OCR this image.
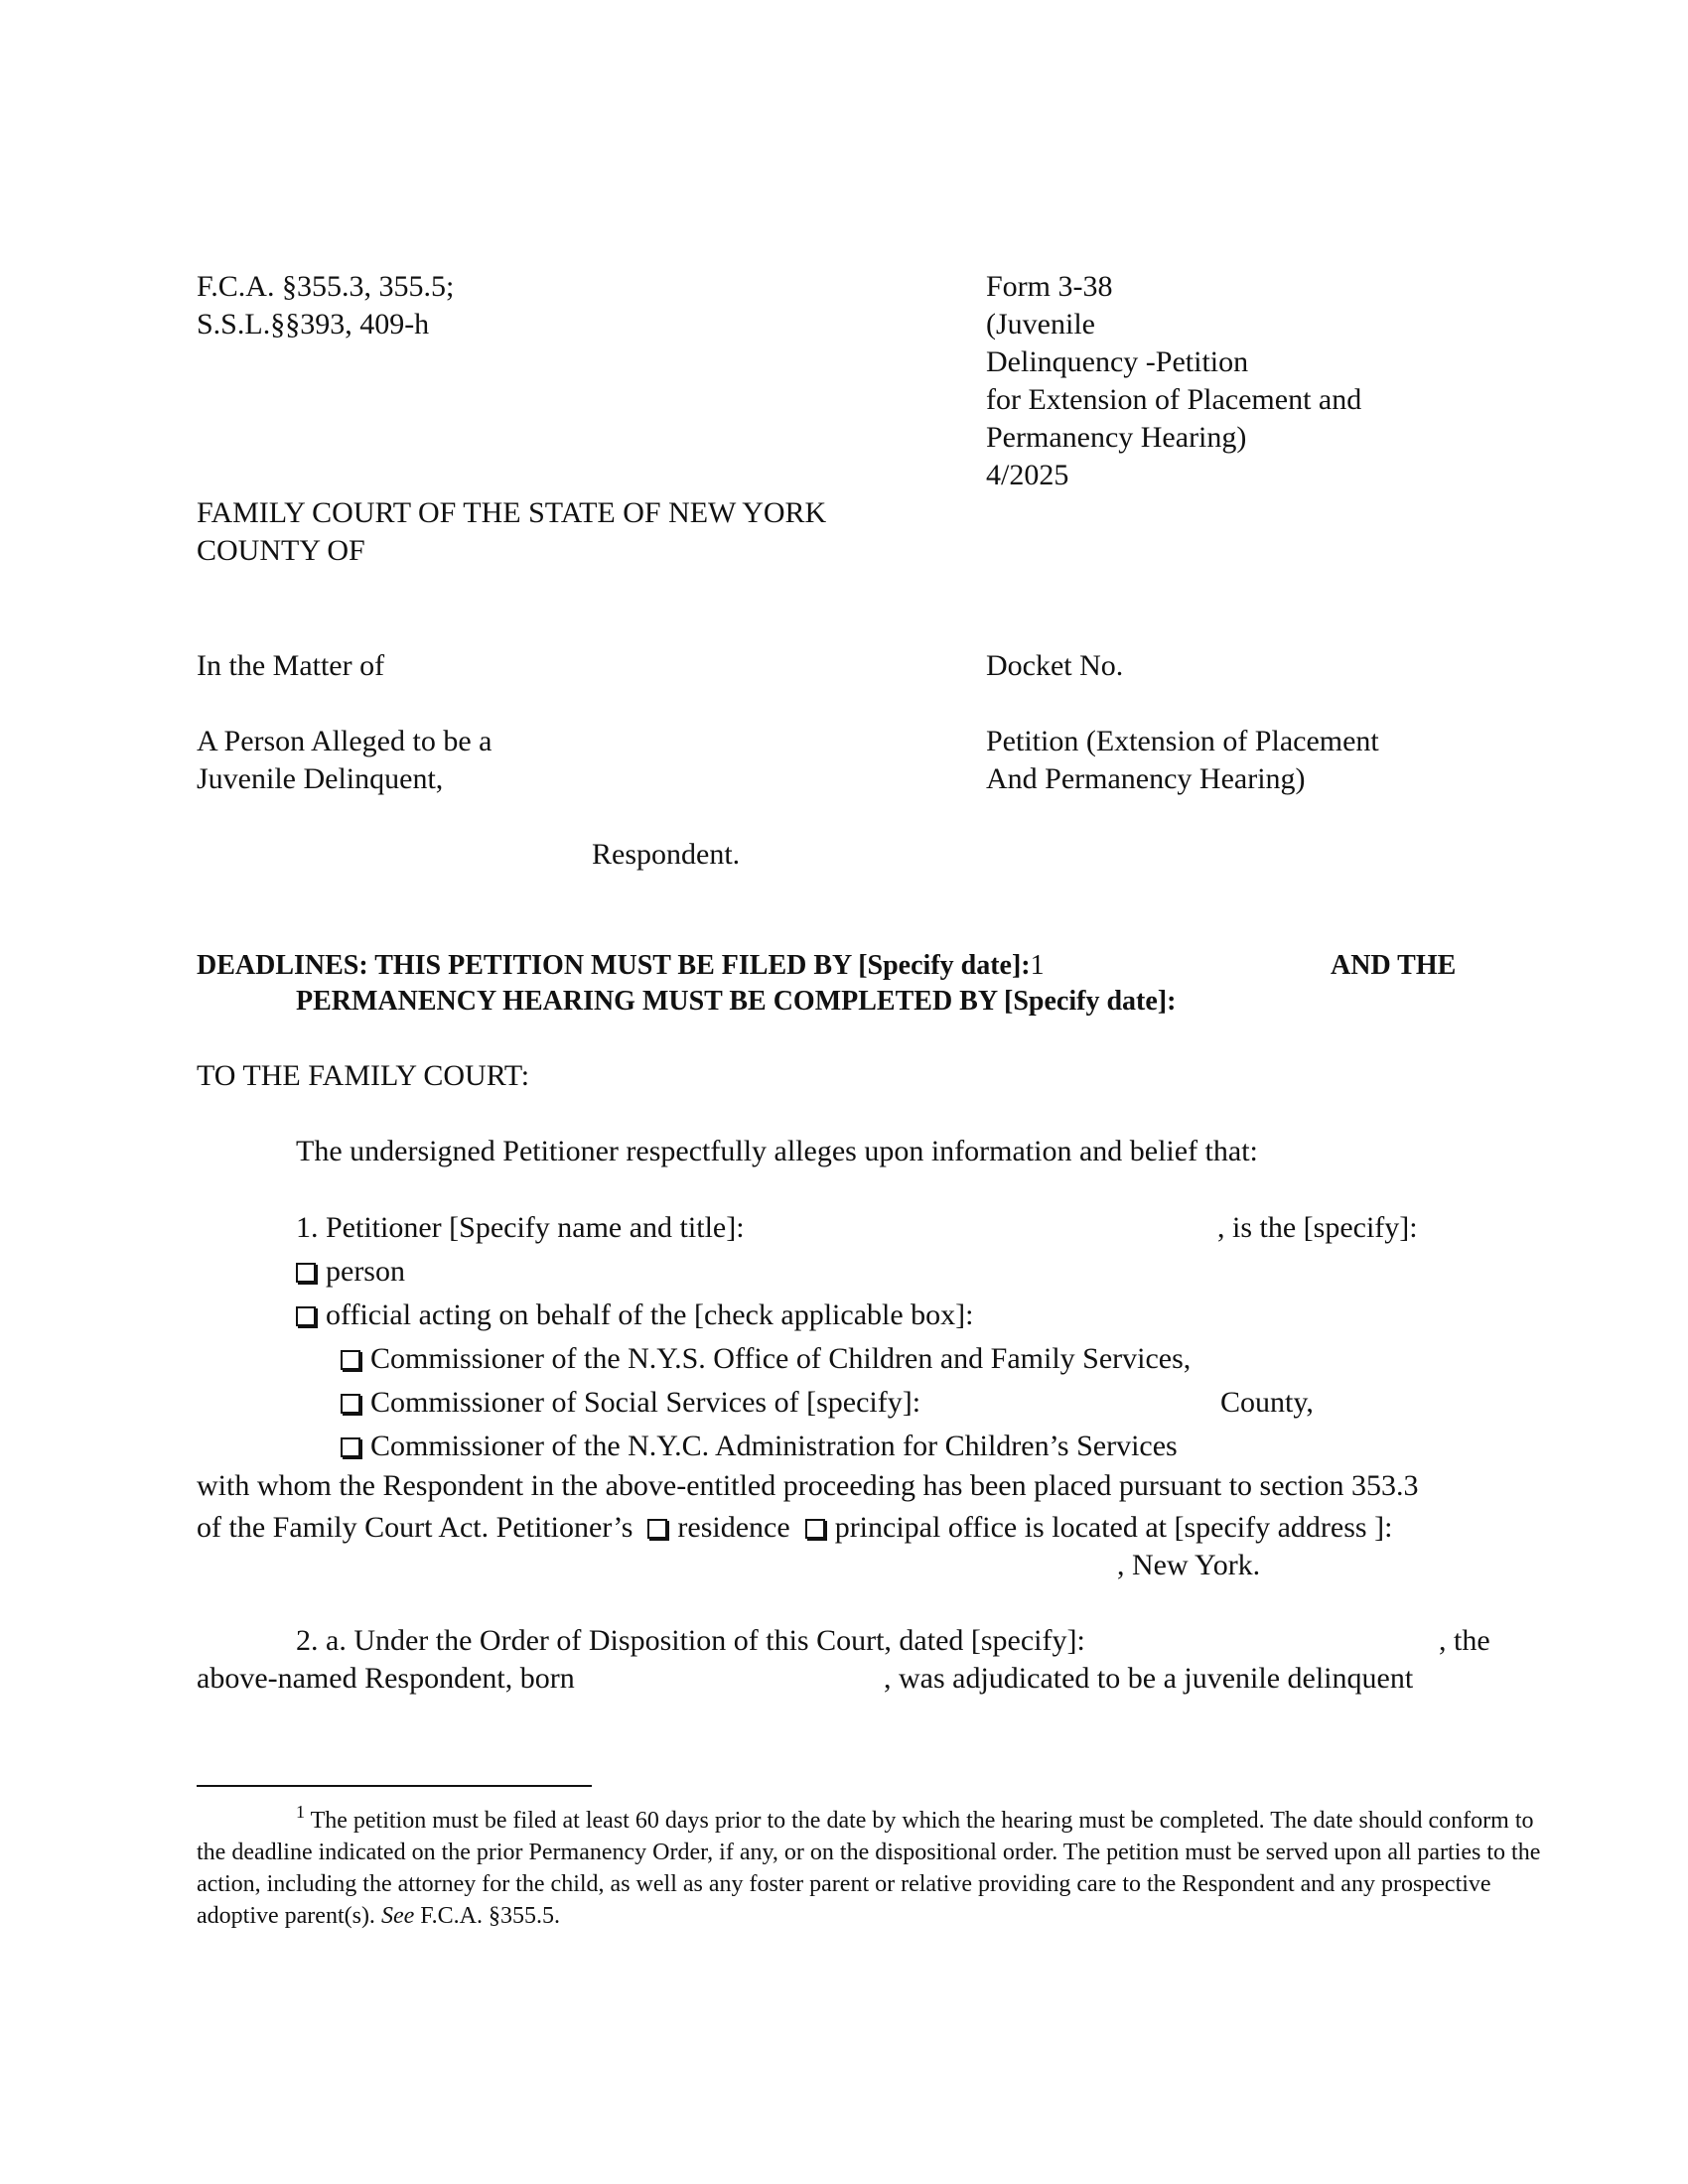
F.C.A. §355.3, 355.5;
S.S.L.§§393, 409-h
Form 3-38
(Juvenile
Delinquency -Petition
for Extension of Placement and
Permanency Hearing)
4/2025
FAMILY COURT OF THE STATE OF NEW YORK
COUNTY OF
In the Matter of	Docket No.
A Person Alleged to be a
Juvenile Delinquent,
Petition (Extension of Placement
And Permanency Hearing)
Respondent.
DEADLINES: THIS PETITION MUST BE FILED BY [Specify date]:1	AND THE
PERMANENCY HEARING MUST BE COMPLETED BY [Specify date]:
TO THE FAMILY COURT:
The undersigned Petitioner respectfully alleges upon information and belief that:
1. Petitioner [Specify name and title]:	, is the [specify]:
person
official acting on behalf of the [check applicable box]:
Commissioner of the N.Y.S. Office of Children and Family Services,
Commissioner of Social Services of [specify]:	County,
Commissioner of the N.Y.C. Administration for Children’s Services
with whom the Respondent in the above-entitled proceeding has been placed pursuant to section 353.3
of the Family Court Act. Petitioner’s residence principal office is located at [specify address ]:
, New York.
2. a. Under the Order of Disposition of this Court, dated [specify]:	, the
above-named Respondent, born	, was adjudicated to be a juvenile delinquent
$^1$ The petition must be filed at least 60 days prior to the date by which the hearing must be completed. The date should conform to the deadline indicated on the prior Permanency Order, if any, or on the dispositional order. The petition must be served upon all parties to the action, including the attorney for the child, as well as any foster parent or relative providing care to the Respondent and any prospective adoptive parent(s). See F.C.A. §355.5.
